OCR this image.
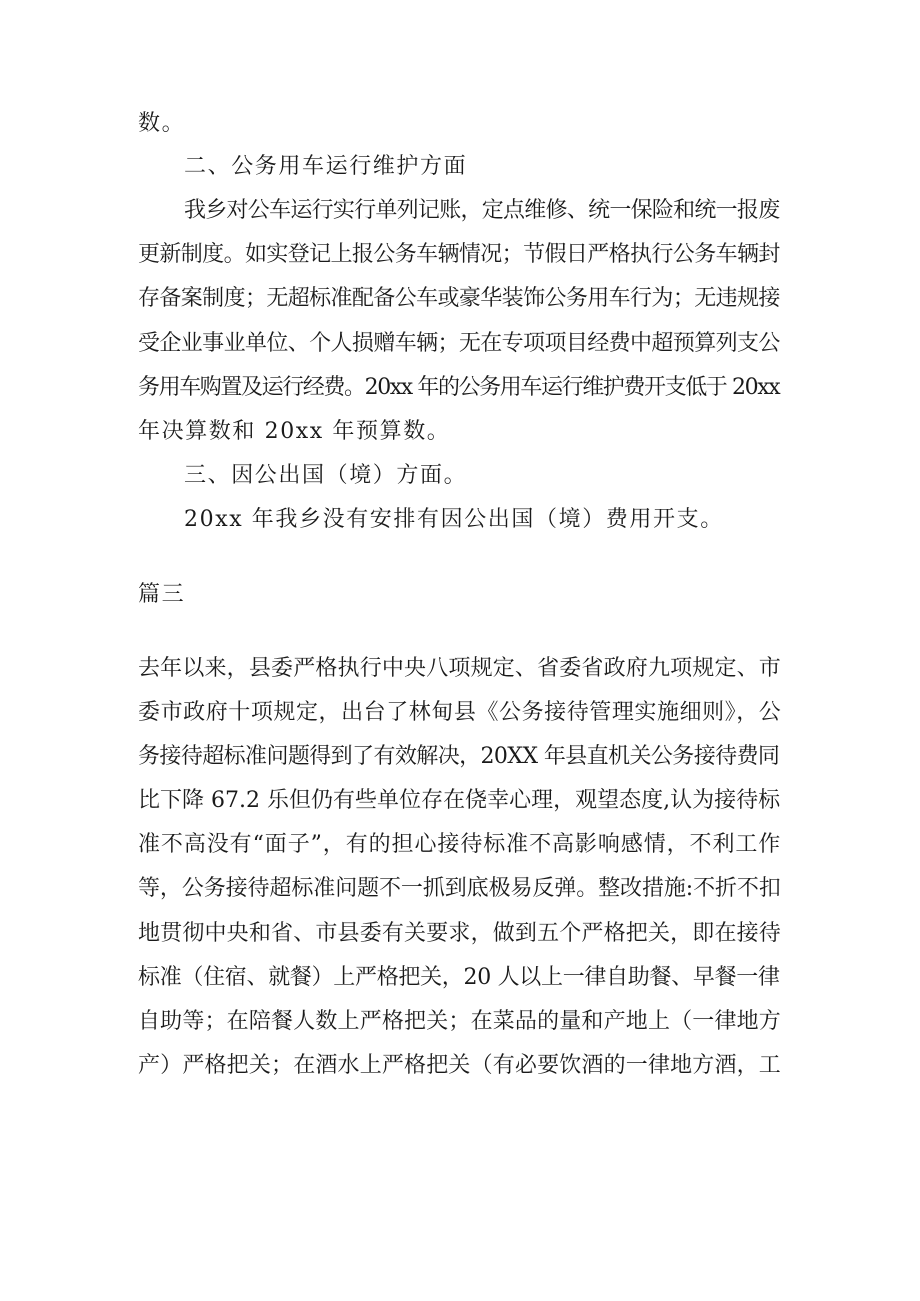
数。
二、公务用车运行维护方面
我乡对公车运行实行单列记账，定点维修、统一保险和统一报废
更新制度。如实登记上报公务车辆情况；节假日严格执行公务车辆封
存备案制度；无超标准配备公车或豪华装饰公务用车行为；无违规接
受企业事业单位、个人损赠车辆；无在专项项目经费中超预算列支公
务用车购置及运行经费。20xx 年的公务用车运行维护费开支低于 20xx
年决算数和 20xx 年预算数。
三、因公出国（境）方面。
20xx 年我乡没有安排有因公出国（境）费用开支。
篇三
去年以来，县委严格执行中央八项规定、省委省政府九项规定、市
委市政府十项规定，出台了林甸县《公务接待管理实施细则》，公
务接待超标准问题得到了有效解决，20XX 年县直机关公务接待费同
比下降 67.2 乐但仍有些单位存在侥幸心理，观望态度,认为接待标
准不高没有“面子”，有的担心接待标准不高影响感情，不利工作
等，公务接待超标准问题不一抓到底极易反弹。整改措施:不折不扣
地贯彻中央和省、市县委有关要求，做到五个严格把关，即在接待
标准（住宿、就餐）上严格把关，20 人以上一律自助餐、早餐一律
自助等；在陪餐人数上严格把关；在菜品的量和产地上（一律地方
产）严格把关；在酒水上严格把关（有必要饮酒的一律地方酒，工
